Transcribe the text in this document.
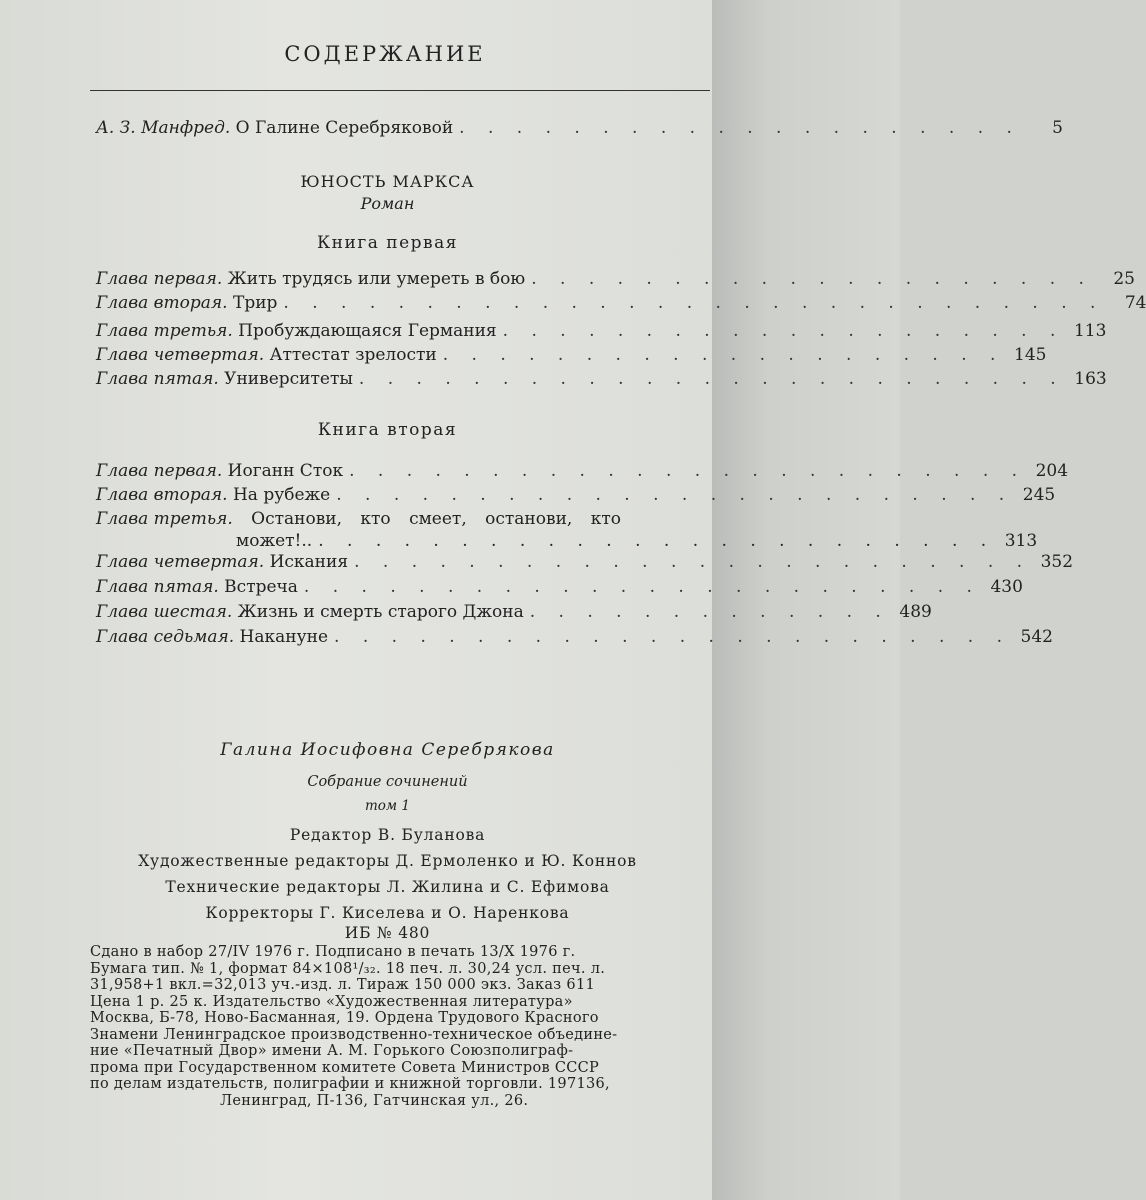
СОДЕРЖАНИЕ
А. З. Манфред. О Галине Серебряковой . . . . . . . . . . . . . . . . . . . .	5
ЮНОСТЬ МАРКСА
Роман
Книга первая
Глава первая. Жить трудясь или умереть в бою . . . . . . . . . . . . . . . . . . . .	25
Глава вторая. Трир . . . . . . . . . . . . . . . . . . . . . . . . . . . . .	74
Глава третья. Пробуждающаяся Германия . . . . . . . . . . . . . . . . . . . . 113
Глава четвертая. Аттестат зрелости . . . . . . . . . . . . . . . . . . . . 145
Глава пятая. Университеты . . . . . . . . . . . . . . . . . . . . . . . . . 163
Книга вторая
Глава первая. Иоганн Сток . . . . . . . . . . . . . . . . . . . . . . . . 204
Глава вторая. На рубеже . . . . . . . . . . . . . . . . . . . . . . . . 245
Глава третья. Останови, кто смеет, останови, кто
может!.. . . . . . . . . . . . . . . . . . . . . . . . . 313
Глава четвертая. Искания . . . . . . . . . . . . . . . . . . . . . . . . 352
Глава пятая. Встреча . . . . . . . . . . . . . . . . . . . . . . . . 430
Глава шестая. Жизнь и смерть старого Джона . . . . . . . . . . . . . 489
Глава седьмая. Накануне . . . . . . . . . . . . . . . . . . . . . . . . 542
Галина Иосифовна Серебрякова
Собрание сочинений
том 1
Редактор В. Буланова
Художественные редакторы Д. Ермоленко и Ю. Коннов
Технические редакторы Л. Жилина и С. Ефимова
Корректоры Г. Киселева и О. Наренкова
ИБ № 480
Сдано в набор 27/IV 1976 г. Подписано в печать 13/Х 1976 г.
Бумага тип. № 1, формат 84×108¹/₃₂. 18 печ. л. 30,24 усл. печ. л.
31,958+1 вкл.=32,013 уч.-изд. л. Тираж 150 000 экз. Заказ 611
Цена 1 р. 25 к. Издательство «Художественная литература»
Москва, Б-78, Ново-Басманная, 19. Ордена Трудового Красного
Знамени Ленинградское производственно-техническое объедине-
ние «Печатный Двор» имени А. М. Горького Союзполиграф-
прома при Государственном комитете Совета Министров СССР
по делам издательств, полиграфии и книжной торговли. 197136,
Ленинград, П-136, Гатчинская ул., 26.
